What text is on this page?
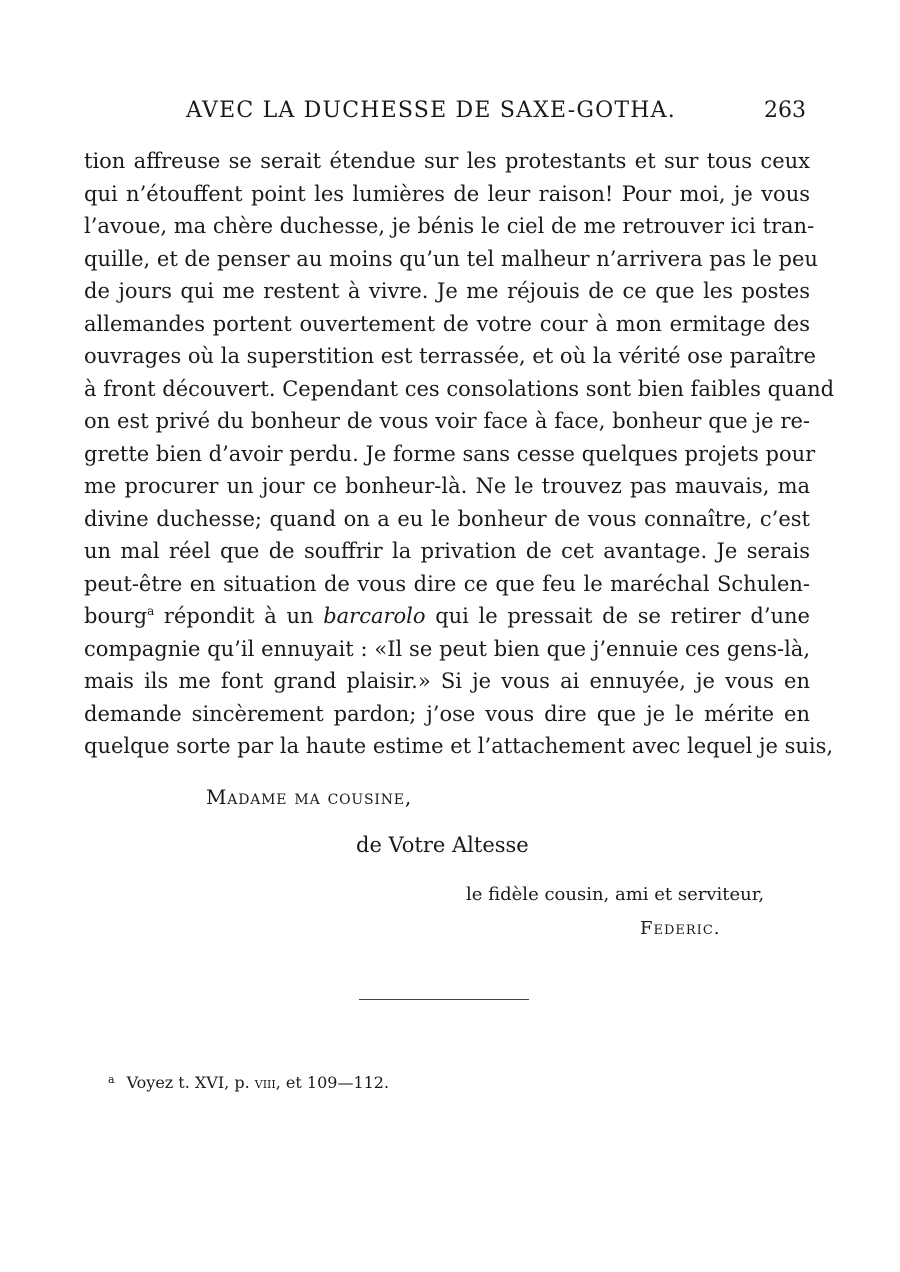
AVEC LA DUCHESSE DE SAXE-GOTHA.	263
tion affreuse se serait étendue sur les protestants et sur tous ceux
qui n’étouffent point les lumières de leur raison! Pour moi, je vous
l’avoue, ma chère duchesse, je bénis le ciel de me retrouver ici tran-
quille, et de penser au moins qu’un tel malheur n’arrivera pas le peu
de jours qui me restent à vivre. Je me réjouis de ce que les postes
allemandes portent ouvertement de votre cour à mon ermitage des
ouvrages où la superstition est terrassée, et où la vérité ose paraître
à front découvert. Cependant ces consolations sont bien faibles quand
on est privé du bonheur de vous voir face à face, bonheur que je re-
grette bien d’avoir perdu. Je forme sans cesse quelques projets pour
me procurer un jour ce bonheur-là. Ne le trouvez pas mauvais, ma
divine duchesse; quand on a eu le bonheur de vous connaître, c’est
un mal réel que de souffrir la privation de cet avantage. Je serais
peut-être en situation de vous dire ce que feu le maréchal Schulen-
bourg$^a$ répondit à un barcarolo qui le pressait de se retirer d’une
compagnie qu’il ennuyait : «Il se peut bien que j’ennuie ces gens-là,
mais ils me font grand plaisir.» Si je vous ai ennuyée, je vous en
demande sincèrement pardon; j’ose vous dire que je le mérite en
quelque sorte par la haute estime et l’attachement avec lequel je suis,
Madame ma cousine,
de Votre Altesse
le fidèle cousin, ami et serviteur,
Federic.
$^a$ Voyez t. XVI, p. viii, et 109—112.
